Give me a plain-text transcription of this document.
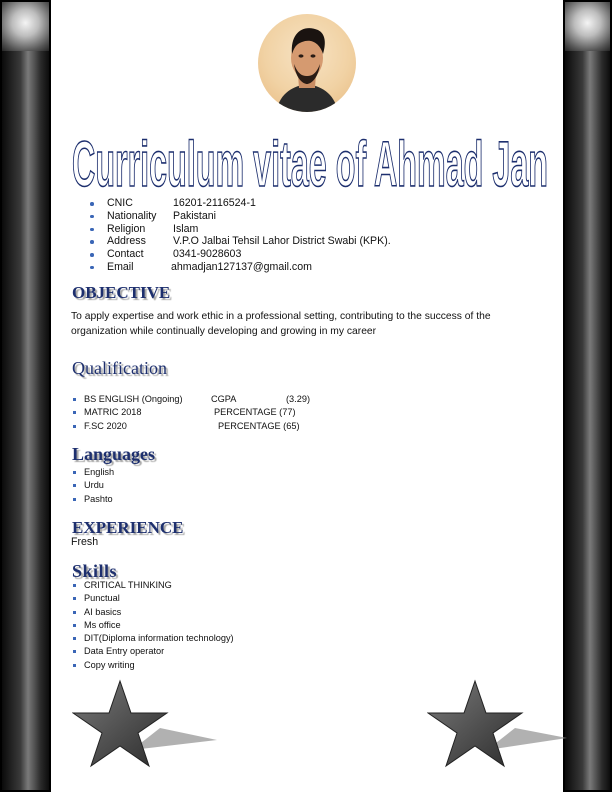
Curriculum vitae of Ahmad Jan
CNIC	16201-2116524-1
Nationality Pakistani
Religion	Islam
Address	V.P.O Jalbai Tehsil Lahor District Swabi (KPK).
Contact	0341-9028603
Email	ahmadjan127137@gmail.com
OBJECTIVE
To apply expertise and work ethic in a professional setting, contributing to the success of the organization while continually developing and growing in my career
Qualification
BS ENGLISH (Ongoing)	CGPA	(3.29)
MATRIC 2018	PERCENTAGE (77)
F.SC 2020	PERCENTAGE (65)
Languages
English
Urdu
Pashto
EXPERIENCE
Fresh
Skills
CRITICAL THINKING
Punctual
AI basics
Ms office
DIT(Diploma information technology)
Data Entry operator
Copy writing
